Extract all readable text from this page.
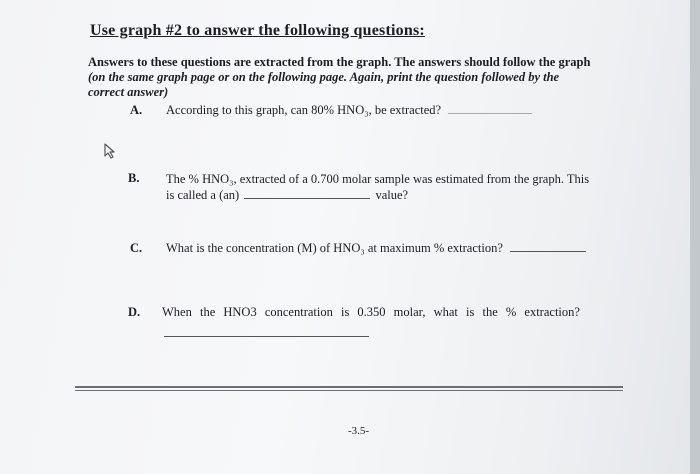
Use graph #2 to answer the following questions:
Answers to these questions are extracted from the graph. The answers should follow the graph
(on the same graph page or on the following page. Again, print the question followed by the
correct answer)
A. According to this graph, can 80% HNO₃, be extracted?
B. The % HNO₃, extracted of a 0.700 molar sample was estimated from the graph. This
is called a (an)	value?
C. What is the concentration (M) of HNO₃ at maximum % extraction?
D. When the HNO3 concentration is 0.350 molar, what is the % extraction?
-3.5-
